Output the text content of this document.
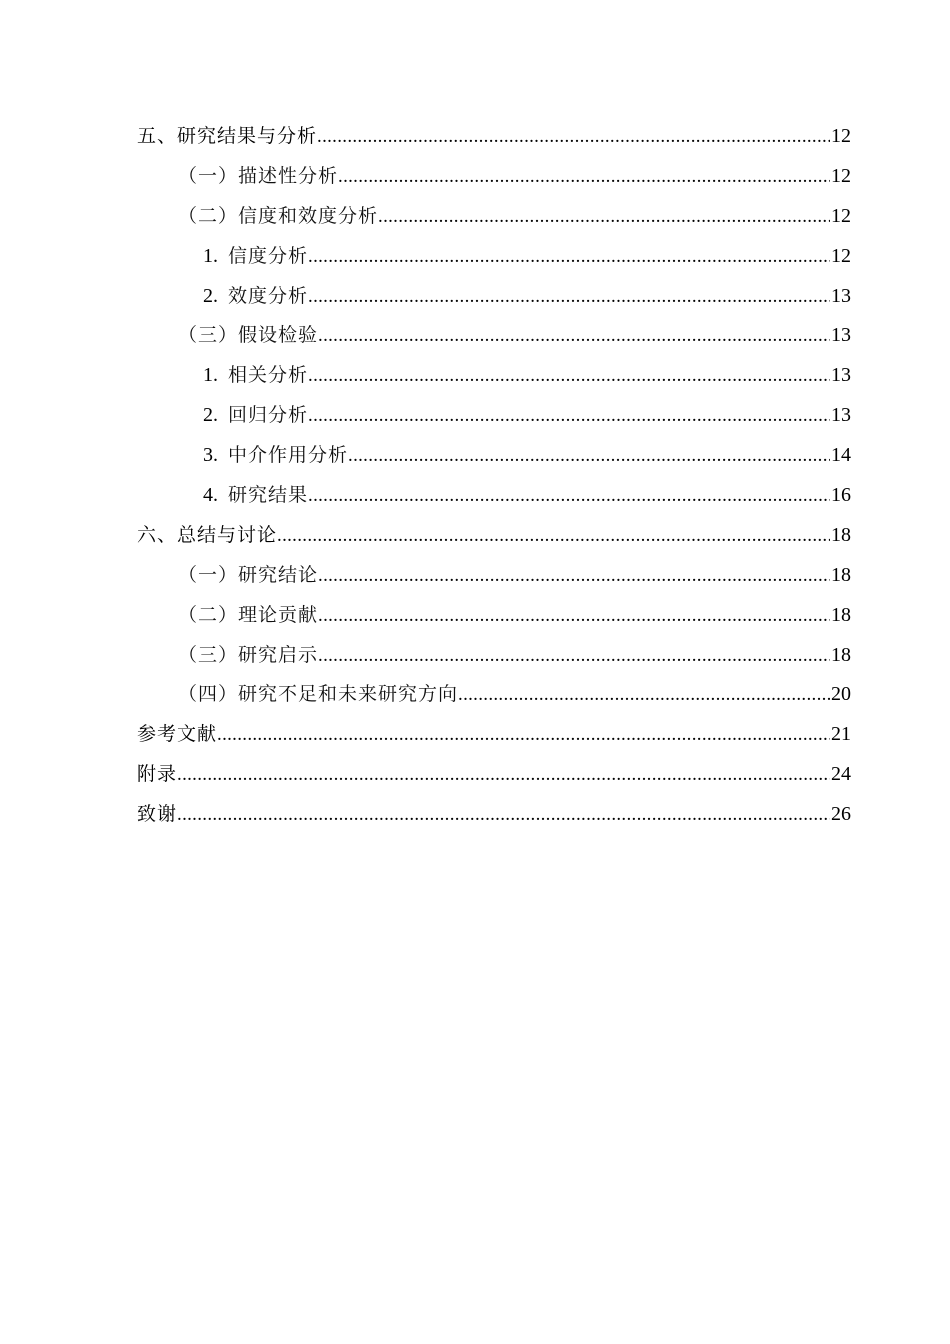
五、研究结果与分析 .....	12
（一）描述性分析 .....	12
（二）信度和效度分析 .....	12
1. 信度分析 .....	12
2. 效度分析 .....	13
（三）假设检验 .....	13
1. 相关分析 .....	13
2. 回归分析 .....	13
3. 中介作用分析 .....	14
4. 研究结果 .....	16
六、总结与讨论 .....	18
（一）研究结论 .....	18
（二）理论贡献 .....	18
（三）研究启示 .....	18
（四）研究不足和未来研究方向 .....	20
参考文献 .....	21
附录 .....	24
致谢 .....	26
